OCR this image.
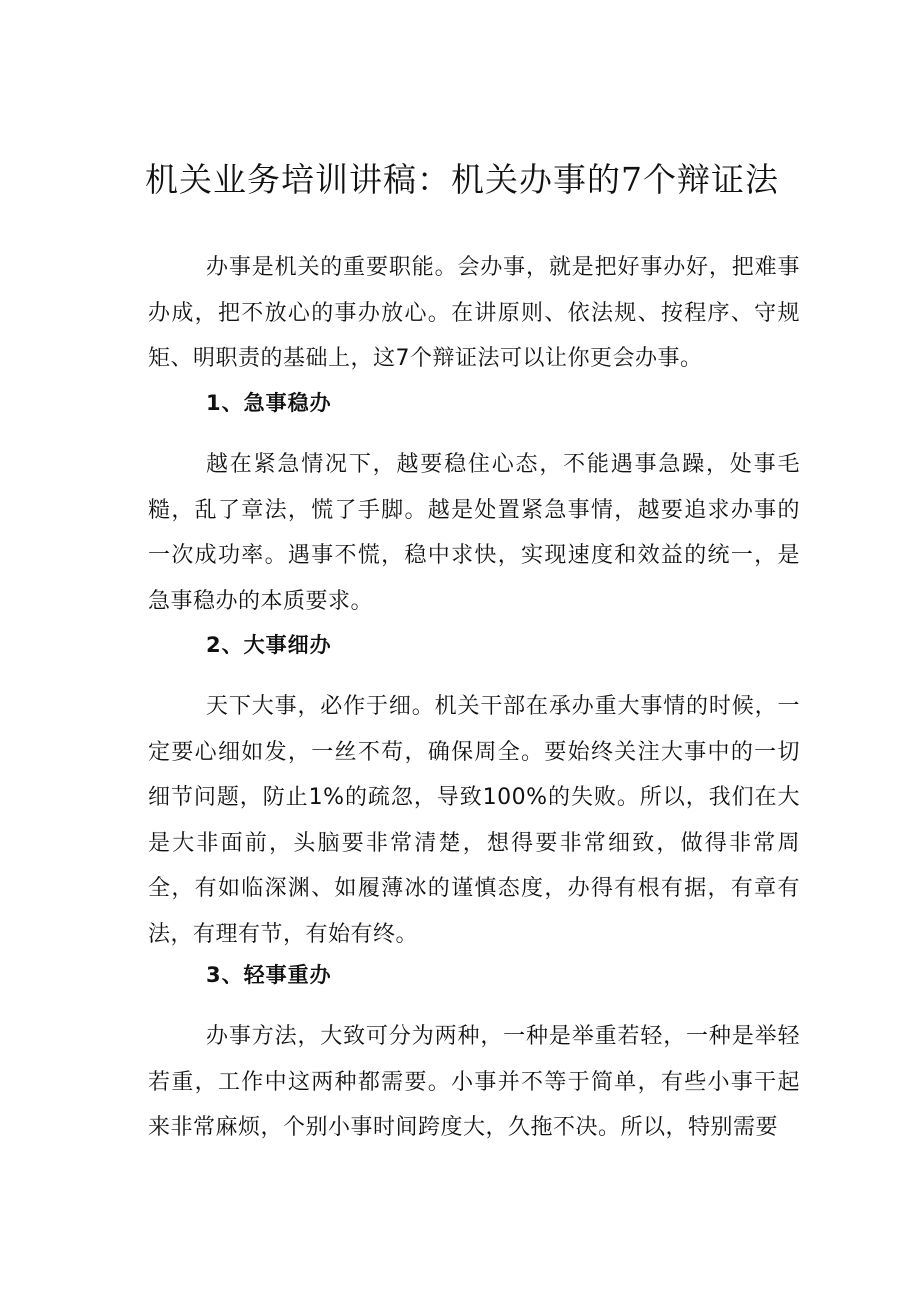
机关业务培训讲稿：机关办事的7个辩证法

办事是机关的重要职能。会办事，就是把好事办好，把难事办成，把不放心的事办放心。在讲原则、依法规、按程序、守规矩、明职责的基础上，这7个辩证法可以让你更会办事。

1、急事稳办

越在紧急情况下，越要稳住心态，不能遇事急躁，处事毛糙，乱了章法，慌了手脚。越是处置紧急事情，越要追求办事的一次成功率。遇事不慌，稳中求快，实现速度和效益的统一，是急事稳办的本质要求。

2、大事细办

天下大事，必作于细。机关干部在承办重大事情的时候，一定要心细如发，一丝不苟，确保周全。要始终关注大事中的一切细节问题，防止1%的疏忽，导致100%的失败。所以，我们在大是大非面前，头脑要非常清楚，想得要非常细致，做得非常周全，有如临深渊、如履薄冰的谨慎态度，办得有根有据，有章有法，有理有节，有始有终。

3、轻事重办

办事方法，大致可分为两种，一种是举重若轻，一种是举轻若重，工作中这两种都需要。小事并不等于简单，有些小事干起来非常麻烦，个别小事时间跨度大，久拖不决。所以，特别需要
